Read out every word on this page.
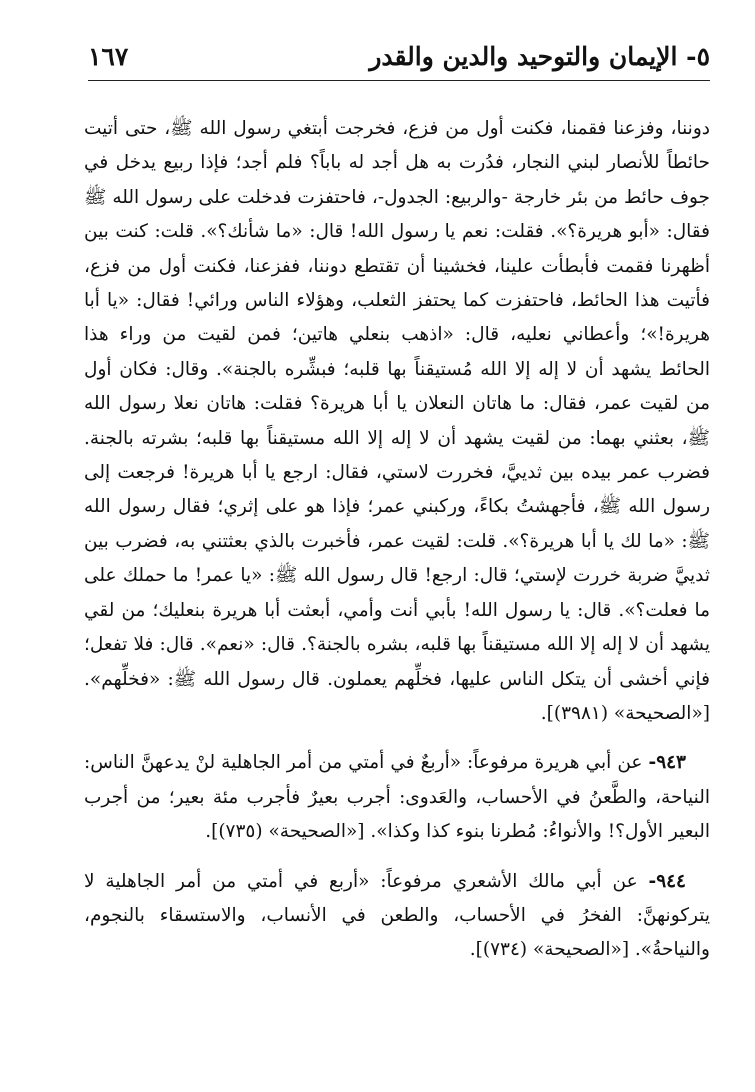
٥- الإيمان والتوحيد والدين والقدر
١٦٧

دوننا، وفزعنا فقمنا، فكنت أول من فزع، فخرجت أبتغي رسول الله ﷺ، حتى أتيت حائطاً للأنصار لبني النجار، فدُرت به هل أجد له باباً؟ فلم أجد؛ فإذا ربيع يدخل في جوف حائط من بئر خارجة -والربيع: الجدول-، فاحتفزت فدخلت على رسول الله ﷺ فقال: «أبو هريرة؟». فقلت: نعم يا رسول الله! قال: «ما شأنك؟». قلت: كنت بين أظهرنا فقمت فأبطأت علينا، فخشينا أن تقتطع دوننا، ففزعنا، فكنت أول من فزع، فأتيت هذا الحائط، فاحتفزت كما يحتفز الثعلب، وهؤلاء الناس ورائي! فقال: «يا أبا هريرة!»؛ وأعطاني نعليه، قال: «اذهب بنعلي هاتين؛ فمن لقيت من وراء هذا الحائط يشهد أن لا إله إلا الله مُستيقناً بها قلبه؛ فبشِّره بالجنة». وقال: فكان أول من لقيت عمر، فقال: ما هاتان النعلان يا أبا هريرة؟ فقلت: هاتان نعلا رسول الله ﷺ، بعثني بهما: من لقيت يشهد أن لا إله إلا الله مستيقناً بها قلبه؛ بشرته بالجنة. فضرب عمر بيده بين ثدييَّ، فخررت لاستي، فقال: ارجع يا أبا هريرة! فرجعت إلى رسول الله ﷺ، فأجهشتُ بكاءً، وركبني عمر؛ فإذا هو على إثري؛ فقال رسول الله ﷺ: «ما لك يا أبا هريرة؟». قلت: لقيت عمر، فأخبرت بالذي بعثتني به، فضرب بين ثدييَّ ضربة خررت لإستي؛ قال: ارجع! قال رسول الله ﷺ: «يا عمر! ما حملك على ما فعلت؟». قال: يا رسول الله! بأبي أنت وأمي، أبعثت أبا هريرة بنعليك؛ من لقي يشهد أن لا إله إلا الله مستيقناً بها قلبه، بشره بالجنة؟. قال: «نعم». قال: فلا تفعل؛ فإني أخشى أن يتكل الناس عليها، فخلِّهم يعملون. قال رسول الله ﷺ: «فخلِّهم». [«الصحيحة» (٣٩٨١)].

٩٤٣- عن أبي هريرة مرفوعاً: «أربعٌ في أمتي من أمر الجاهلية لنْ يدعهنَّ الناس: النياحة، والطَّعنُ في الأحساب، والعَدوى: أجرب بعيرٌ فأجرب مئة بعير؛ من أجرب البعير الأول؟! والأنواءُ: مُطرنا بنوء كذا وكذا». [«الصحيحة» (٧٣٥)].

٩٤٤- عن أبي مالك الأشعري مرفوعاً: «أربع في أمتي من أمر الجاهلية لا يتركونهنَّ: الفخرُ في الأحساب، والطعن في الأنساب، والاستسقاء بالنجوم، والنياحةُ». [«الصحيحة» (٧٣٤)].
